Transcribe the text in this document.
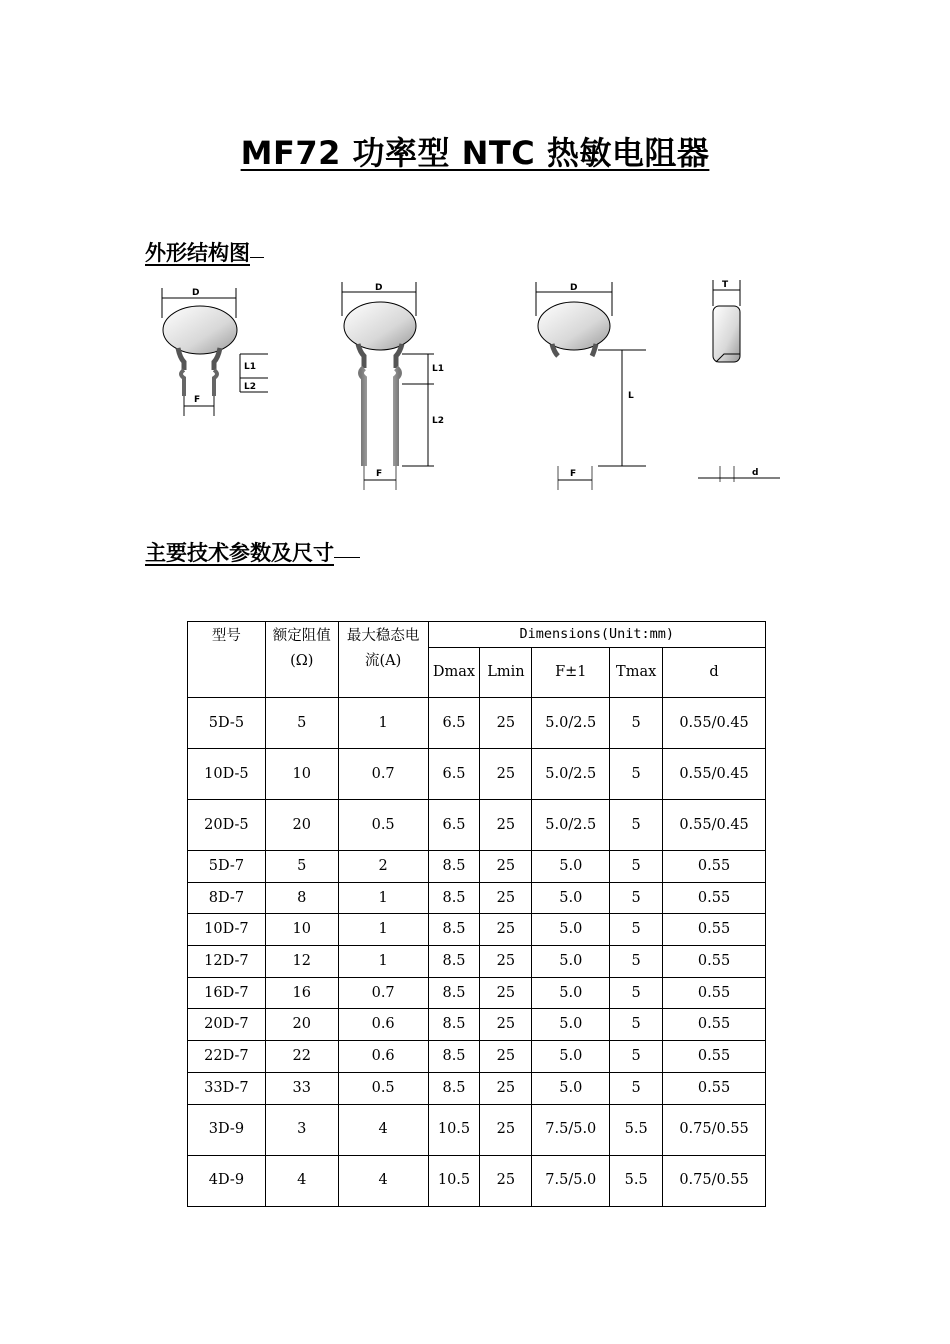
MF72 功率型 NTC 热敏电阻器
外形结构图
D
L1
L2
F
D
L1
L2
F
D
L
F
T
d
主要技术参数及尺寸
型号	额定阻值(Ω)	最大稳态电流(A)	Dimensions(Unit:mm)				
			Dmax	Lmin	F±1	Tmax	d
5D-5	5	1	6.5	25	5.0/2.5	5	0.55/0.45
10D-5	10	0.7	6.5	25	5.0/2.5	5	0.55/0.45
20D-5	20	0.5	6.5	25	5.0/2.5	5	0.55/0.45
5D-7	5	2	8.5	25	5.0	5	0.55
8D-7	8	1	8.5	25	5.0	5	0.55
10D-7	10	1	8.5	25	5.0	5	0.55
12D-7	12	1	8.5	25	5.0	5	0.55
16D-7	16	0.7	8.5	25	5.0	5	0.55
20D-7	20	0.6	8.5	25	5.0	5	0.55
22D-7	22	0.6	8.5	25	5.0	5	0.55
33D-7	33	0.5	8.5	25	5.0	5	0.55
3D-9	3	4	10.5	25	7.5/5.0	5.5	0.75/0.55
4D-9	4	4	10.5	25	7.5/5.0	5.5	0.75/0.55
